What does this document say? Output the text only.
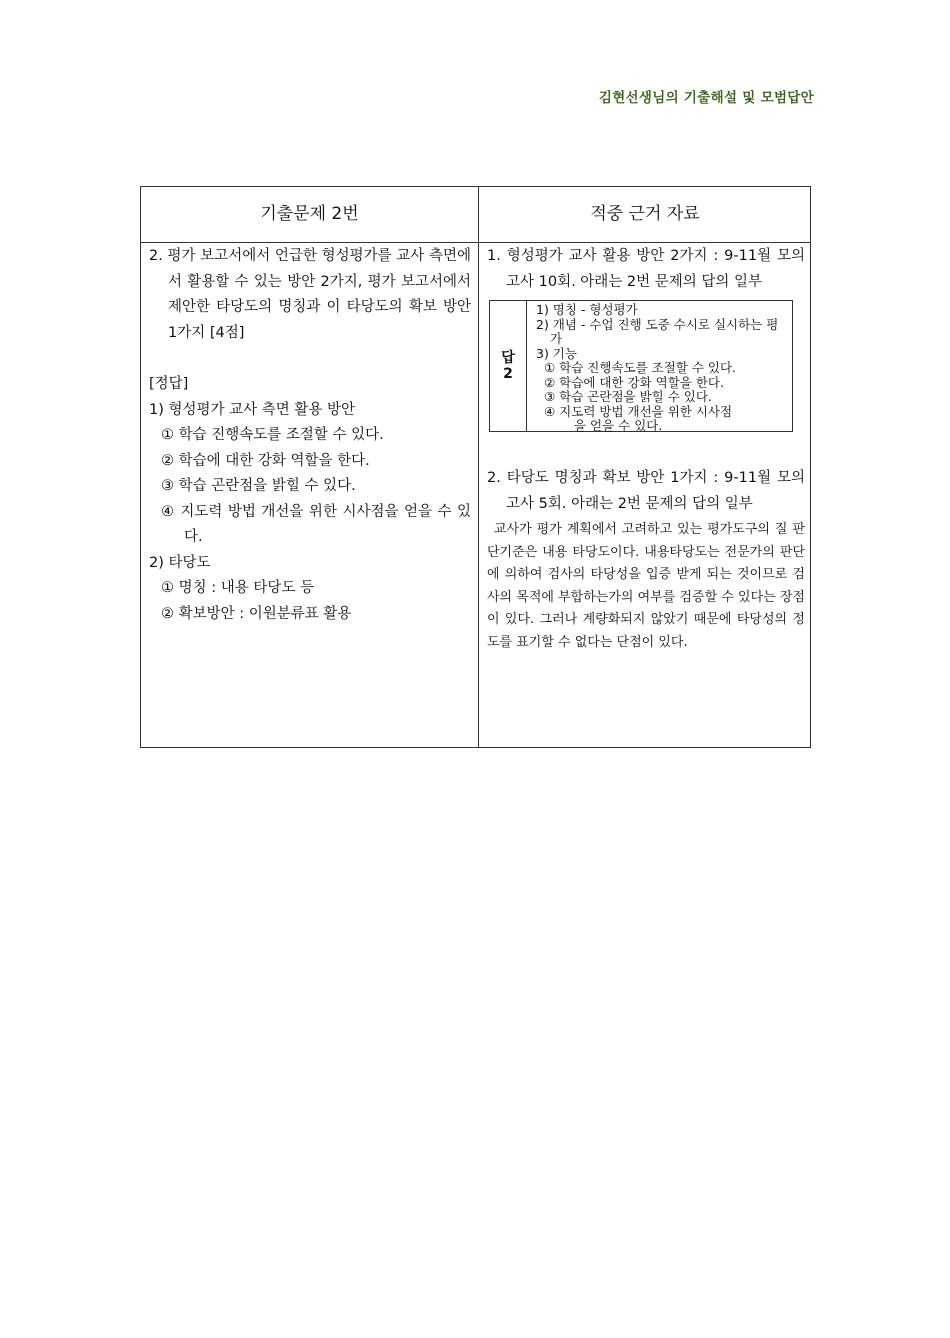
김현선생님의 기출해설 및 모범답안
기출문제 2번	적중 근거 자료

2. 평가 보고서에서 언급한 형성평가를 교사 측면에서 활용할 수 있는 방안 2가지, 평가 보고서에서 제안한 타당도의 명칭과 이 타당도의 확보 방안 1가지 [4점]

[정답]
1) 형성평가 교사 측면 활용 방안
① 학습 진행속도를 조절할 수 있다.
② 학습에 대한 강화 역할을 한다.
③ 학습 곤란점을 밝힐 수 있다.
④ 지도력 방법 개선을 위한 시사점을 얻을 수 있다.
2) 타당도
① 명칭 : 내용 타당도 등
② 확보방안 : 이원분류표 활용

1. 형성평가 교사 활용 방안 2가지 : 9-11월 모의고사 10회. 아래는 2번 문제의 답의 일부

답
2
1) 명칭 - 형성평가
2) 개념 - 수업 진행 도중 수시로 실시하는 평가
3) 기능
① 학습 진행속도를 조절할 수 있다.
② 학습에 대한 강화 역할을 한다.
③ 학습 곤란점을 밝힐 수 있다.
④ 지도력 방법 개선을 위한 시사점
을 얻을 수 있다.

2. 타당도 명칭과 확보 방안 1가지 : 9-11월 모의고사 5회. 아래는 2번 문제의 답의 일부

교사가 평가 계획에서 고려하고 있는 평가도구의 질 판단기준은 내용 타당도이다. 내용타당도는 전문가의 판단에 의하여 검사의 타당성을 입증 받게 되는 것이므로 검사의 목적에 부합하는가의 여부를 검증할 수 있다는 장점이 있다. 그러나 계량화되지 않았기 때문에 타당성의 정도를 표기할 수 없다는 단점이 있다.
